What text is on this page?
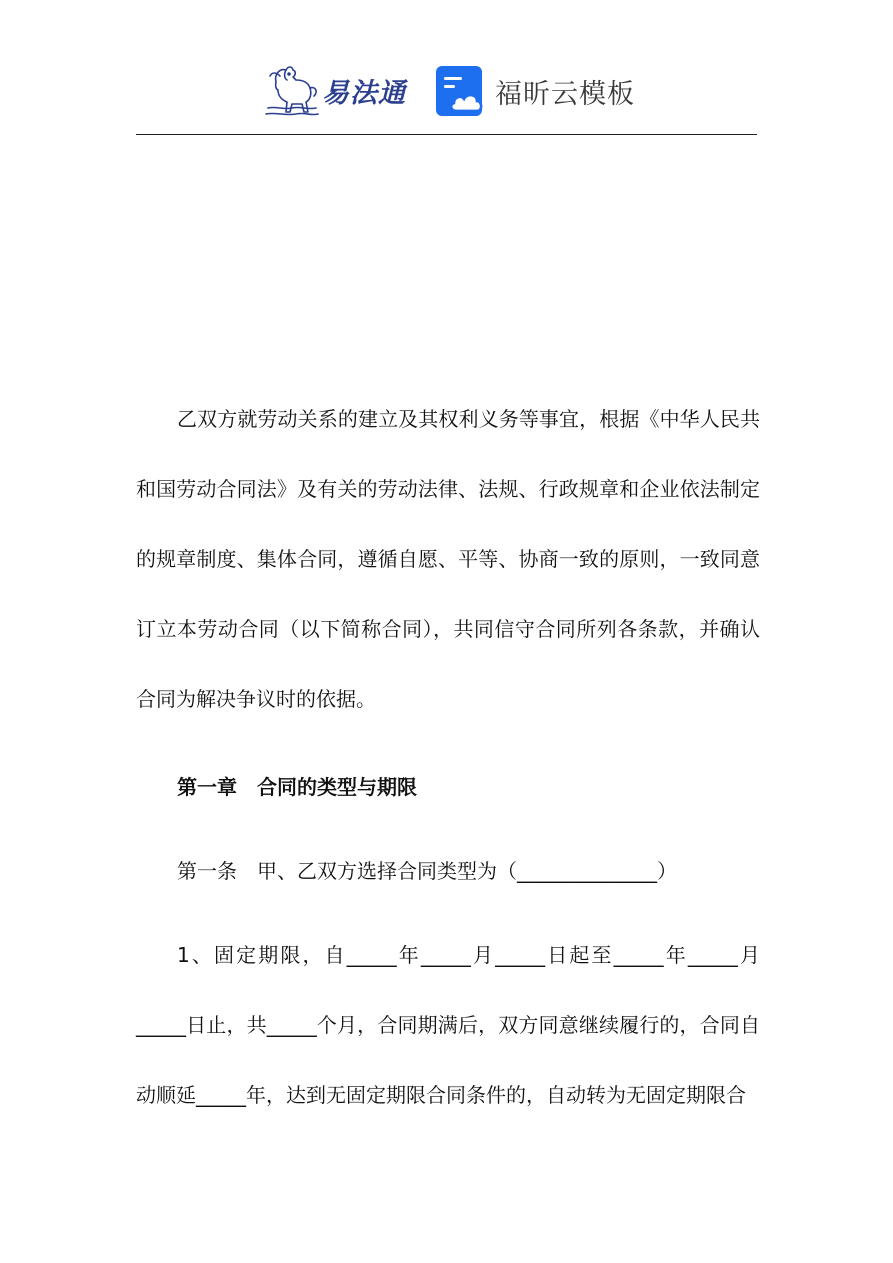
易法通	福昕云模板

乙双方就劳动关系的建立及其权利义务等事宜，根据《中华人民共和国劳动合同法》及有关的劳动法律、法规、行政规章和企业依法制定的规章制度、集体合同，遵循自愿、平等、协商一致的原则，一致同意订立本劳动合同（以下简称合同），共同信守合同所列各条款，并确认合同为解决争议时的依据。

第一章　合同的类型与期限

第一条　甲、乙双方选择合同类型为（______________）

1、固定期限，自_____年_____月_____日起至_____年_____月_____日止，共_____个月，合同期满后，双方同意继续履行的，合同自动顺延_____年，达到无固定期限合同条件的，自动转为无固定期限合
